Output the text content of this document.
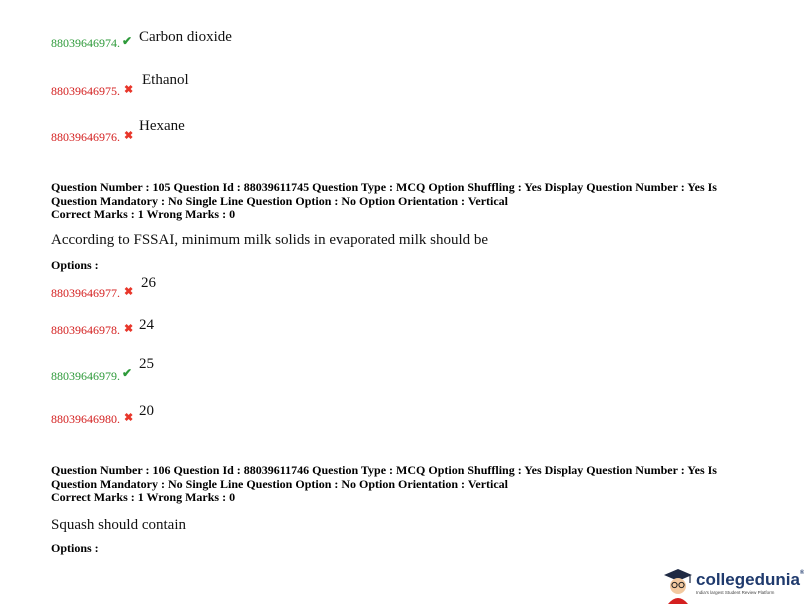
88039646974. ✔ Carbon dioxide
88039646975. ✖
Ethanol
88039646976. ✖
Hexane
Question Number : 105 Question Id : 88039611745 Question Type : MCQ Option Shuffling : Yes Display Question Number : Yes Is
Question Mandatory : No Single Line Question Option : No Option Orientation : Vertical
Correct Marks : 1 Wrong Marks : 0
According to FSSAI, minimum milk solids in evaporated milk should be
Options :
88039646977. ✖
26
88039646978. ✖ 24
88039646979. ✔
25
88039646980. ✖ 20
Question Number : 106 Question Id : 88039611746 Question Type : MCQ Option Shuffling : Yes Display Question Number : Yes Is
Question Mandatory : No Single Line Question Option : No Option Orientation : Vertical
Correct Marks : 1 Wrong Marks : 0
Squash should contain
Options :
collegedunia®
India's largest Student Review Platform
